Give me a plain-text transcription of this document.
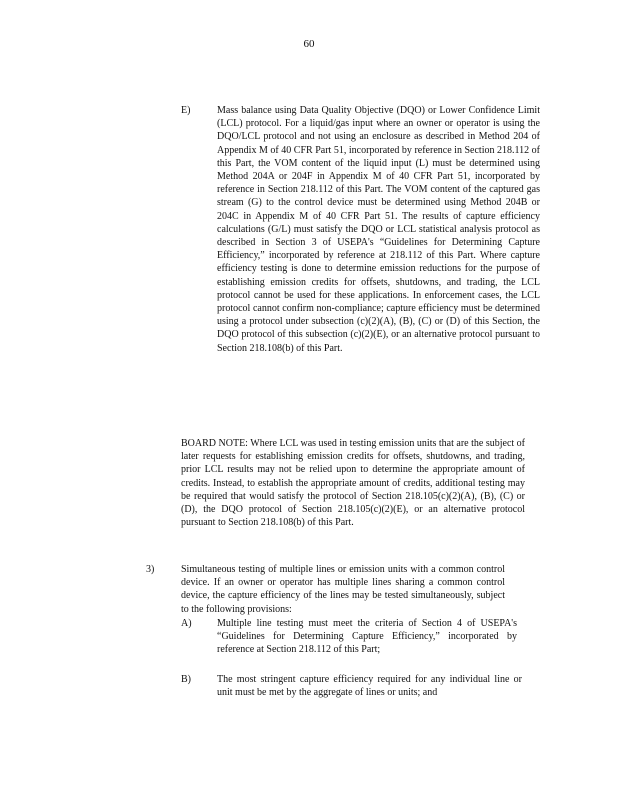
60
E)	Mass balance using Data Quality Objective (DQO) or Lower Confidence Limit (LCL) protocol. For a liquid/gas input where an owner or operator is using the DQO/LCL protocol and not using an enclosure as described in Method 204 of Appendix M of 40 CFR Part 51, incorporated by reference in Section 218.112 of this Part, the VOM content of the liquid input (L) must be determined using Method 204A or 204F in Appendix M of 40 CFR Part 51, incorporated by reference in Section 218.112 of this Part. The VOM content of the captured gas stream (G) to the control device must be determined using Method 204B or 204C in Appendix M of 40 CFR Part 51. The results of capture efficiency calculations (G/L) must satisfy the DQO or LCL statistical analysis protocol as described in Section 3 of USEPA's “Guidelines for Determining Capture Efficiency,” incorporated by reference at 218.112 of this Part. Where capture efficiency testing is done to determine emission reductions for the purpose of establishing emission credits for offsets, shutdowns, and trading, the LCL protocol cannot be used for these applications. In enforcement cases, the LCL protocol cannot confirm non-compliance; capture efficiency must be determined using a protocol under subsection (c)(2)(A), (B), (C) or (D) of this Section, the DQO protocol of this subsection (c)(2)(E), or an alternative protocol pursuant to Section 218.108(b) of this Part.
BOARD NOTE: Where LCL was used in testing emission units that are the subject of later requests for establishing emission credits for offsets, shutdowns, and trading, prior LCL results may not be relied upon to determine the appropriate amount of credits. Instead, to establish the appropriate amount of credits, additional testing may be required that would satisfy the protocol of Section 218.105(c)(2)(A), (B), (C) or (D), the DQO protocol of Section 218.105(c)(2)(E), or an alternative protocol pursuant to Section 218.108(b) of this Part.
3)	Simultaneous testing of multiple lines or emission units with a common control device. If an owner or operator has multiple lines sharing a common control device, the capture efficiency of the lines may be tested simultaneously, subject to the following provisions:
A)	Multiple line testing must meet the criteria of Section 4 of USEPA's “Guidelines for Determining Capture Efficiency,” incorporated by reference at Section 218.112 of this Part;
B)	The most stringent capture efficiency required for any individual line or unit must be met by the aggregate of lines or units; and
